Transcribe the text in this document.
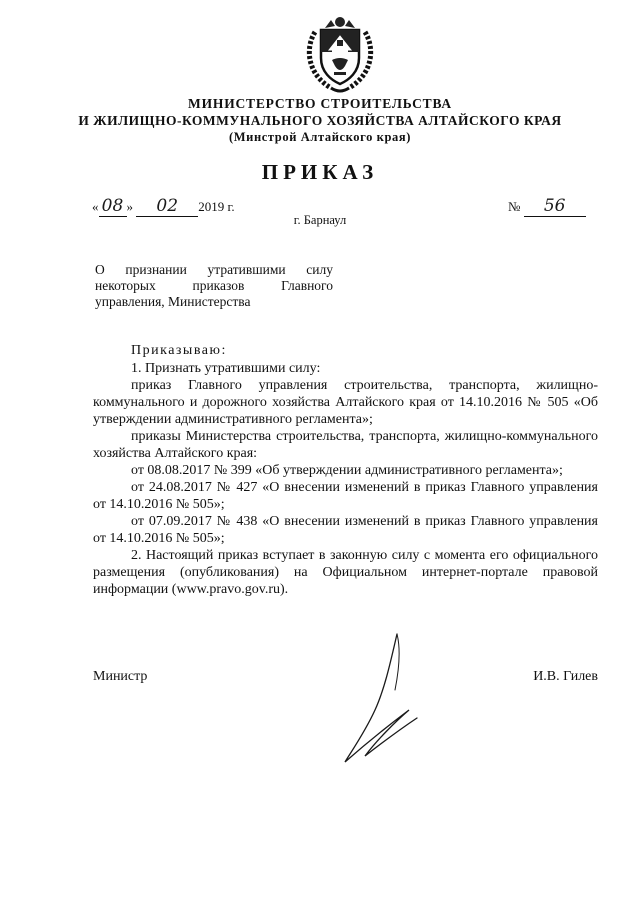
МИНИСТЕРСТВО СТРОИТЕЛЬСТВА
И ЖИЛИЩНО-КОММУНАЛЬНОГО ХОЗЯЙСТВА АЛТАЙСКОГО КРАЯ
(Минстрой Алтайского края)
ПРИКАЗ
« 08 » 02 2019 г.	№ 56
г. Барнаул
О признании утратившими силу некоторых приказов Главного управления, Министерства

Приказываю:

1. Признать утратившими силу:

приказ Главного управления строительства, транспорта, жилищно-коммунального и дорожного хозяйства Алтайского края от 14.10.2016 № 505 «Об утверждении административного регламента»;

приказы Министерства строительства, транспорта, жилищно-коммунального хозяйства Алтайского края:

от 08.08.2017 № 399 «Об утверждении административного регламента»;

от 24.08.2017 № 427 «О внесении изменений в приказ Главного управления от 14.10.2016 № 505»;

от 07.09.2017 № 438 «О внесении изменений в приказ Главного управления от 14.10.2016 № 505»;

2. Настоящий приказ вступает в законную силу с момента его официального размещения (опубликования) на Официальном интернет-портале правовой информации (www.pravo.gov.ru).

Министр	И.В. Гилев
